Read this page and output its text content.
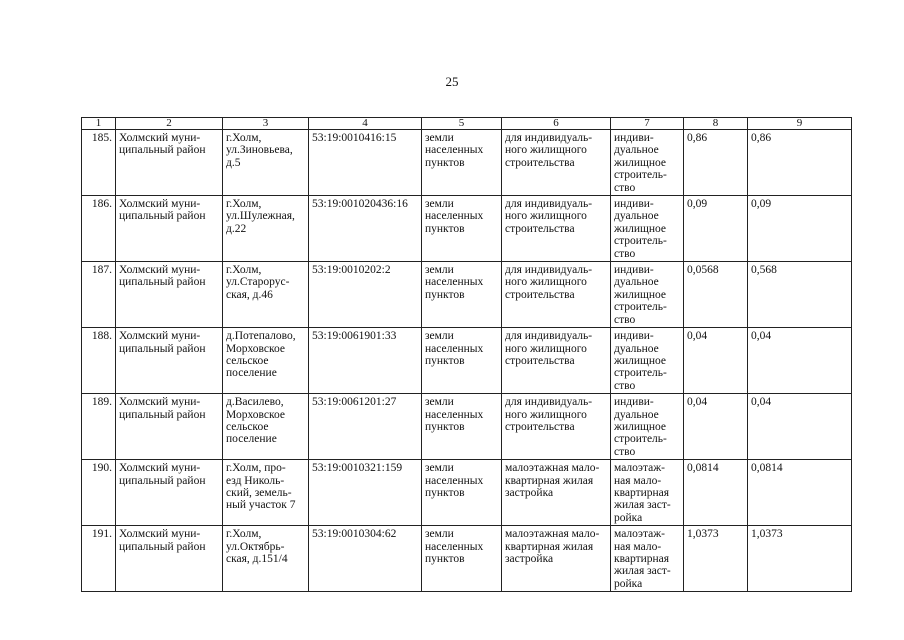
25
1	2	3	4	5	6	7	8	9
185.	Холмский муни-
ципальный район	г.Холм,
ул.Зиновьева,
д.5	53:19:0010416:15	земли
населенных
пунктов	для индивидуаль-
ного жилищного
строительства	индиви-
дуальное
жилищное
строитель-
ство	0,86	0,86
186.	Холмский муни-
ципальный район	г.Холм,
ул.Шулежная,
д.22	53:19:001020436:16	земли
населенных
пунктов	для индивидуаль-
ного жилищного
строительства	индиви-
дуальное
жилищное
строитель-
ство	0,09	0,09
187.	Холмский муни-
ципальный район	г.Холм,
ул.Старорус-
ская, д.46	53:19:0010202:2	земли
населенных
пунктов	для индивидуаль-
ного жилищного
строительства	индиви-
дуальное
жилищное
строитель-
ство	0,0568	0,568
188.	Холмский муни-
ципальный район	д.Потепалово,
Морховское
сельское
поселение	53:19:0061901:33	земли
населенных
пунктов	для индивидуаль-
ного жилищного
строительства	индиви-
дуальное
жилищное
строитель-
ство	0,04	0,04
189.	Холмский муни-
ципальный район	д.Василево,
Морховское
сельское
поселение	53:19:0061201:27	земли
населенных
пунктов	для индивидуаль-
ного жилищного
строительства	индиви-
дуальное
жилищное
строитель-
ство	0,04	0,04
190.	Холмский муни-
ципальный район	г.Холм, про-
езд Николь-
ский, земель-
ный участок 7	53:19:0010321:159	земли
населенных
пунктов	малоэтажная мало-
квартирная жилая
застройка	малоэтаж-
ная мало-
квартирная
жилая заст-
ройка	0,0814	0,0814
191.	Холмский муни-
ципальный район	г.Холм,
ул.Октябрь-
ская, д.151/4	53:19:0010304:62	земли
населенных
пунктов	малоэтажная мало-
квартирная жилая
застройка	малоэтаж-
ная мало-
квартирная
жилая заст-
ройка	1,0373	1,0373
